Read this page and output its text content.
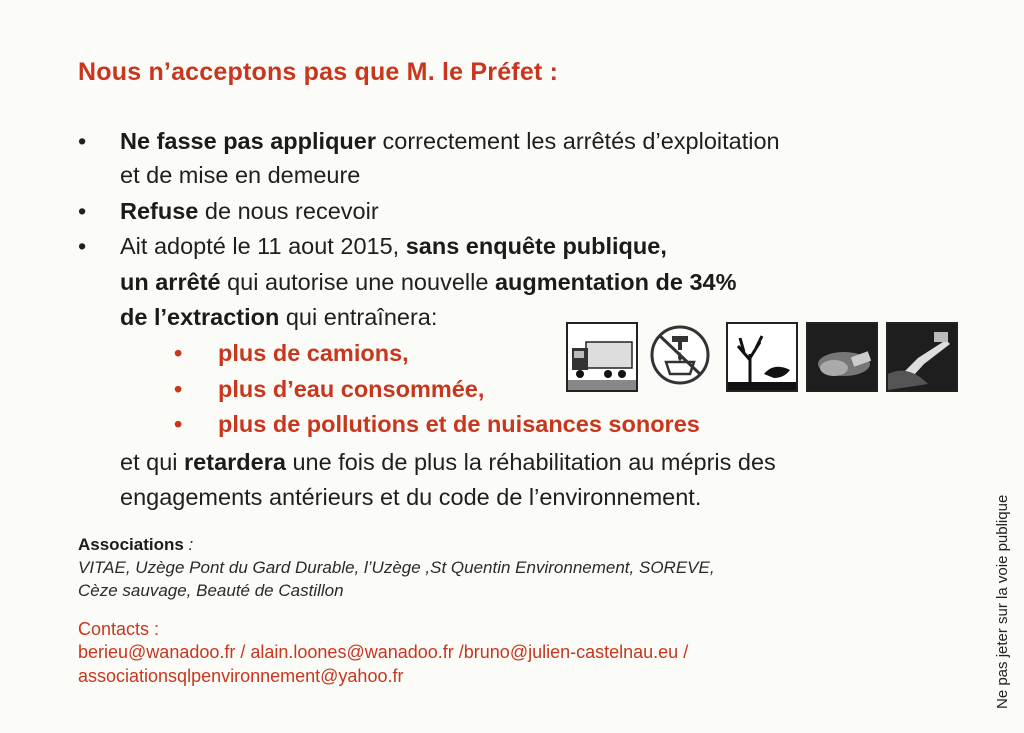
Nous n’acceptons pas que M. le Préfet :
• Ne fasse pas appliquer correctement les arrêtés d’exploitation
et de mise en demeure
• Refuse de nous recevoir
• Ait adopté le 11 aout 2015, sans enquête publique,
un arrêté qui autorise une nouvelle augmentation de 34%
de l’extraction qui entraînera:
• plus de camions,
• plus d’eau consommée,
• plus de pollutions et de nuisances sonores
et qui retardera une fois de plus la réhabilitation au mépris des
engagements antérieurs et du code de l’environnement.
Associations :
VITAE, Uzège Pont du Gard Durable, l’Uzège ,St Quentin Environnement, SOREVE,
Cèze sauvage, Beauté de Castillon
Contacts :
berieu@wanadoo.fr / alain.loones@wanadoo.fr /bruno@julien-castelnau.eu /
associationsqlpenvironnement@yahoo.fr	Ne pas jeter sur la voie publique
